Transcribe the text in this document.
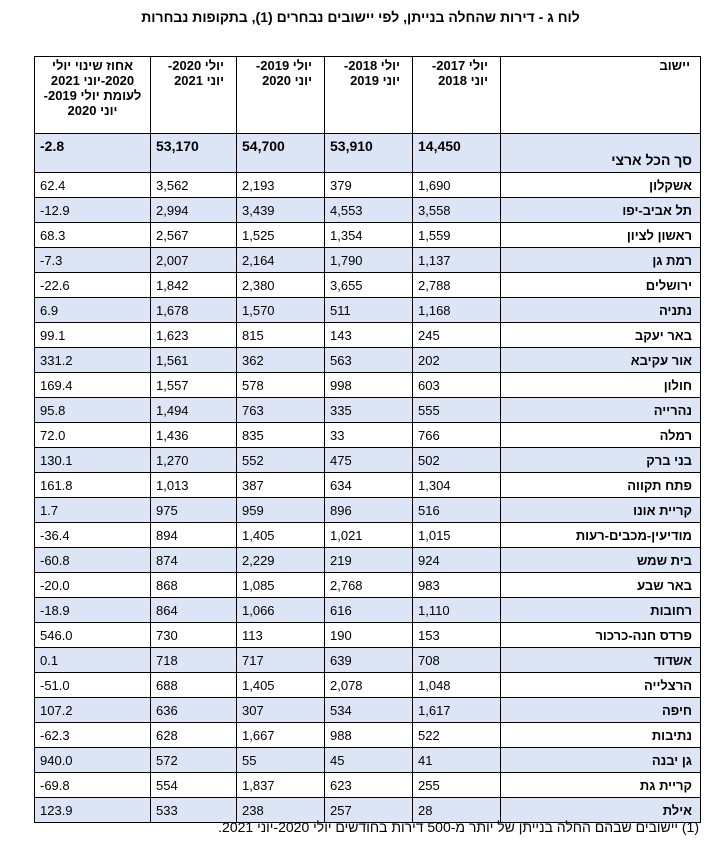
לוח ג - דירות שהחלה בנייתן, לפי יישובים נבחרים (1), בתקופות נבחרות
אחוז שינוי יולי 2020-יוני 2021 לעומת יולי 2019-יוני 2020	יולי 2020- יוני 2021	יולי 2019- יוני 2020	יולי 2018- יוני 2019	יולי 2017- יוני 2018	יישוב
-2.8	53,170	54,700	53,910	14,450	סך הכל ארצי
62.4	3,562	2,193	379	1,690	אשקלון
-12.9	2,994	3,439	4,553	3,558	תל אביב-יפו
68.3	2,567	1,525	1,354	1,559	ראשון לציון
-7.3	2,007	2,164	1,790	1,137	רמת גן
-22.6	1,842	2,380	3,655	2,788	ירושלים
6.9	1,678	1,570	511	1,168	נתניה
99.1	1,623	815	143	245	באר יעקב
331.2	1,561	362	563	202	אור עקיבא
169.4	1,557	578	998	603	חולון
95.8	1,494	763	335	555	נהרייה
72.0	1,436	835	33	766	רמלה
130.1	1,270	552	475	502	בני ברק
161.8	1,013	387	634	1,304	פתח תקווה
1.7	975	959	896	516	קריית אונו
-36.4	894	1,405	1,021	1,015	מודיעין-מכבים-רעות
-60.8	874	2,229	219	924	בית שמש
-20.0	868	1,085	2,768	983	באר שבע
-18.9	864	1,066	616	1,110	רחובות
546.0	730	113	190	153	פרדס חנה-כרכור
0.1	718	717	639	708	אשדוד
-51.0	688	1,405	2,078	1,048	הרצלייה
107.2	636	307	534	1,617	חיפה
-62.3	628	1,667	988	522	נתיבות
940.0	572	55	45	41	גן יבנה
-69.8	554	1,837	623	255	קריית גת
123.9	533	238	257	28	אילת
(1) יישובים שבהם החלה בנייתן של יותר מ-500 דירות בחודשים יולי 2020-יוני 2021.
